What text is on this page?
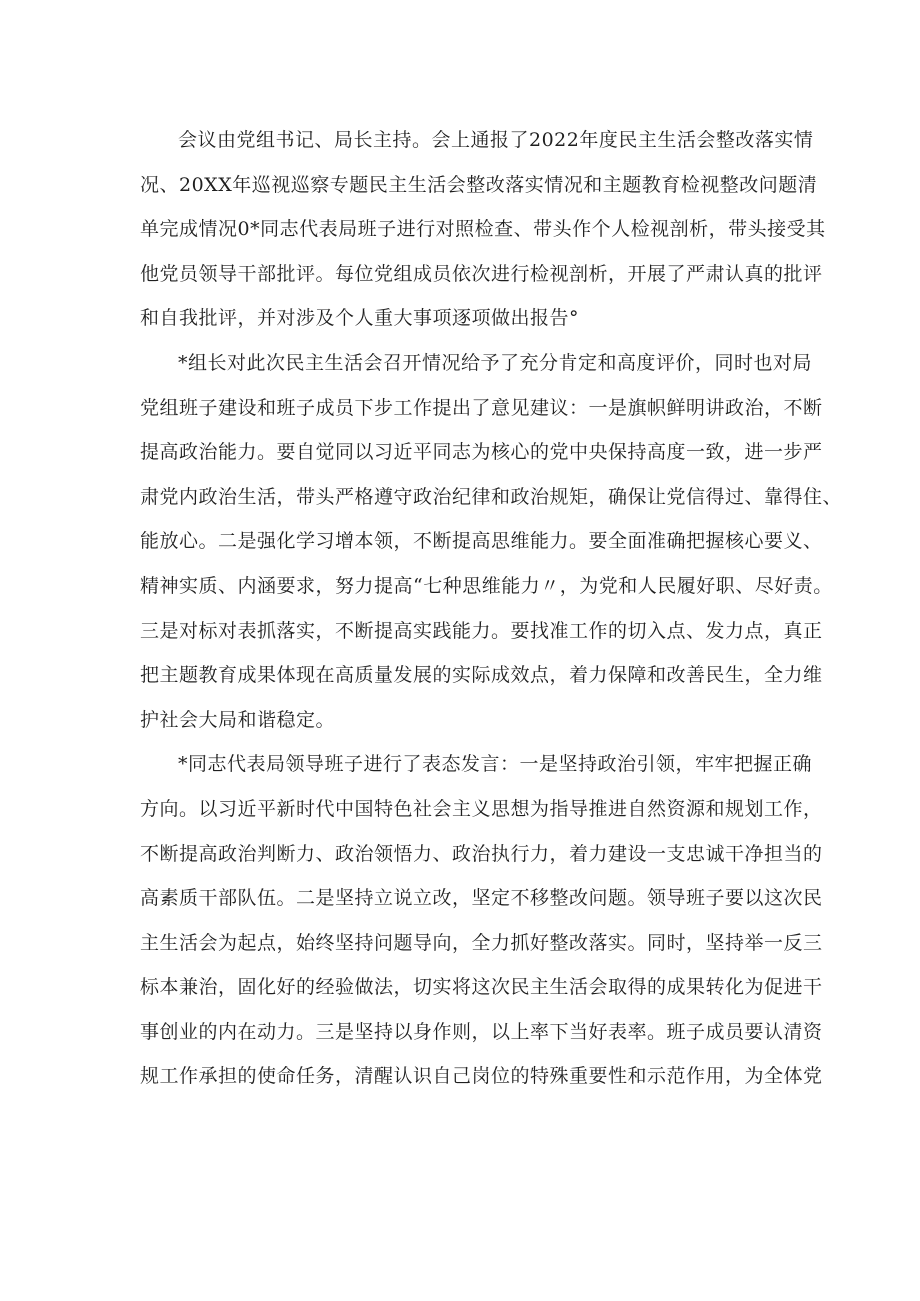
会议由党组书记、局长主持。会上通报了2022年度民主生活会整改落实情
况、20XX年巡视巡察专题民主生活会整改落实情况和主题教育检视整改问题清
单完成情况0*同志代表局班子进行对照检查、带头作个人检视剖析，带头接受其
他党员领导干部批评。每位党组成员依次进行检视剖析，开展了严肃认真的批评
和自我批评，并对涉及个人重大事项逐项做出报告°
*组长对此次民主生活会召开情况给予了充分肯定和高度评价，同时也对局
党组班子建设和班子成员下步工作提出了意见建议：一是旗帜鲜明讲政治，不断
提高政治能力。要自觉同以习近平同志为核心的党中央保持高度一致，进一步严
肃党内政治生活，带头严格遵守政治纪律和政治规矩，确保让党信得过、靠得住、
能放心。二是强化学习增本领，不断提高思维能力。要全面准确把握核心要义、
精神实质、内涵要求，努力提高“七种思维能力〃，为党和人民履好职、尽好责。
三是对标对表抓落实，不断提高实践能力。要找准工作的切入点、发力点，真正
把主题教育成果体现在高质量发展的实际成效点，着力保障和改善民生，全力维
护社会大局和谐稳定。
*同志代表局领导班子进行了表态发言：一是坚持政治引领，牢牢把握正确
方向。以习近平新时代中国特色社会主义思想为指导推进自然资源和规划工作，
不断提高政治判断力、政治领悟力、政治执行力，着力建设一支忠诚干净担当的
高素质干部队伍。二是坚持立说立改，坚定不移整改问题。领导班子要以这次民
主生活会为起点，始终坚持问题导向，全力抓好整改落实。同时，坚持举一反三
标本兼治，固化好的经验做法，切实将这次民主生活会取得的成果转化为促进干
事创业的内在动力。三是坚持以身作则，以上率下当好表率。班子成员要认清资
规工作承担的使命任务，清醒认识自己岗位的特殊重要性和示范作用，为全体党
